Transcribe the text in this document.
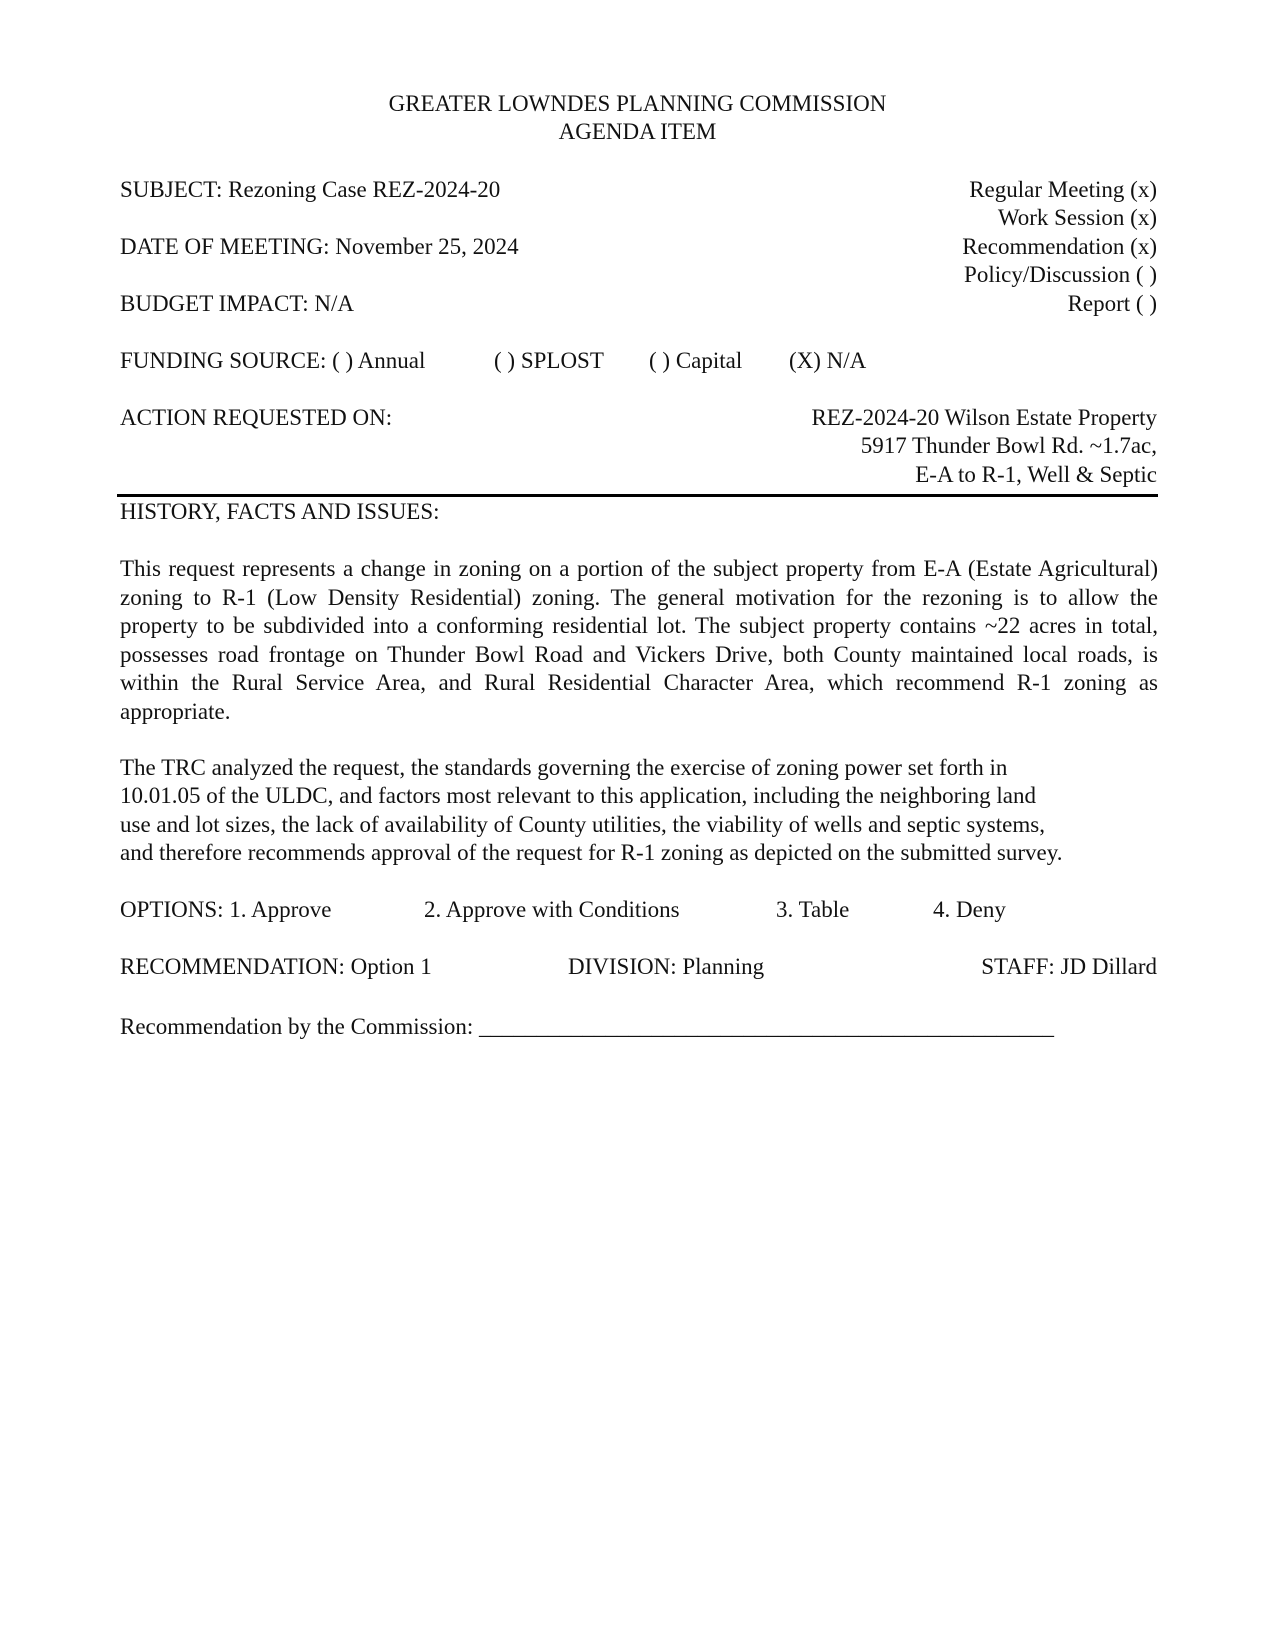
GREATER LOWNDES PLANNING COMMISSION
AGENDA ITEM
SUBJECT: Rezoning Case REZ-2024-20
DATE OF MEETING: November 25, 2024
BUDGET IMPACT: N/A
Regular Meeting (x)
Work Session (x)
Recommendation (x)
Policy/Discussion ( )
Report ( )
FUNDING SOURCE: ( ) Annual	( ) SPLOST ( ) Capital (X) N/A
ACTION REQUESTED ON:	REZ-2024-20 Wilson Estate Property
5917 Thunder Bowl Rd. ~1.7ac,
E-A to R-1, Well & Septic
HISTORY, FACTS AND ISSUES:
This request represents a change in zoning on a portion of the subject property from E-A (Estate Agricultural) zoning to R-1 (Low Density Residential) zoning. The general motivation for the rezoning is to allow the property to be subdivided into a conforming residential lot. The subject property contains ~22 acres in total, possesses road frontage on Thunder Bowl Road and Vickers Drive, both County maintained local roads, is within the Rural Service Area, and Rural Residential Character Area, which recommend R-1 zoning as appropriate.
The TRC analyzed the request, the standards governing the exercise of zoning power set forth in
10.01.05 of the ULDC, and factors most relevant to this application, including the neighboring land
use and lot sizes, the lack of availability of County utilities, the viability of wells and septic systems,
and therefore recommends approval of the request for R-1 zoning as depicted on the submitted survey.
OPTIONS: 1. Approve	2. Approve with Conditions	3. Table	4. Deny
RECOMMENDATION: Option 1	DIVISION: Planning	STAFF: JD Dillard
Recommendation by the Commission: __________________________________________________
